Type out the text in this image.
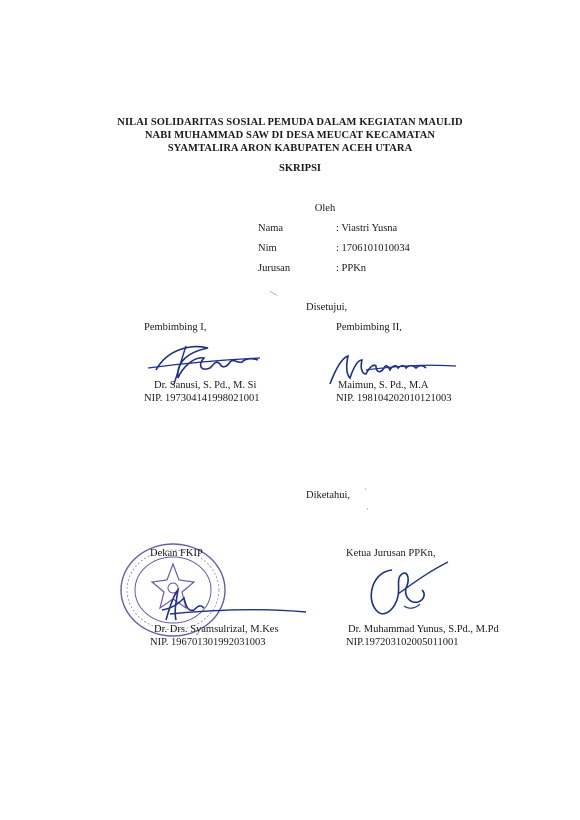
NILAI SOLIDARITAS SOSIAL PEMUDA DALAM KEGIATAN MAULID
NABI MUHAMMAD SAW DI DESA MEUCAT KECAMATAN
SYAMTALIRA ARON KABUPATEN ACEH UTARA
SKRIPSI
Oleh
Nama	: Viastri Yusna
Nim	: 1706101010034
Jurusan	: PPKn
\
Disetujui,
Pembimbing I,
Dr. Sanusi, S. Pd., M. Si
NIP. 197304141998021001
Pembimbing II,
Maimun, S. Pd., M.A
NIP. 198104202010121003
Diketahui,
·
·
Dekan FKIP
Dr. Drs. Syamsulrizal, M.Kes
NIP. 196701301992031003
Ketua Jurusan PPKn,
Dr. Muhammad Yunus, S.Pd., M.Pd
NIP.197203102005011001
